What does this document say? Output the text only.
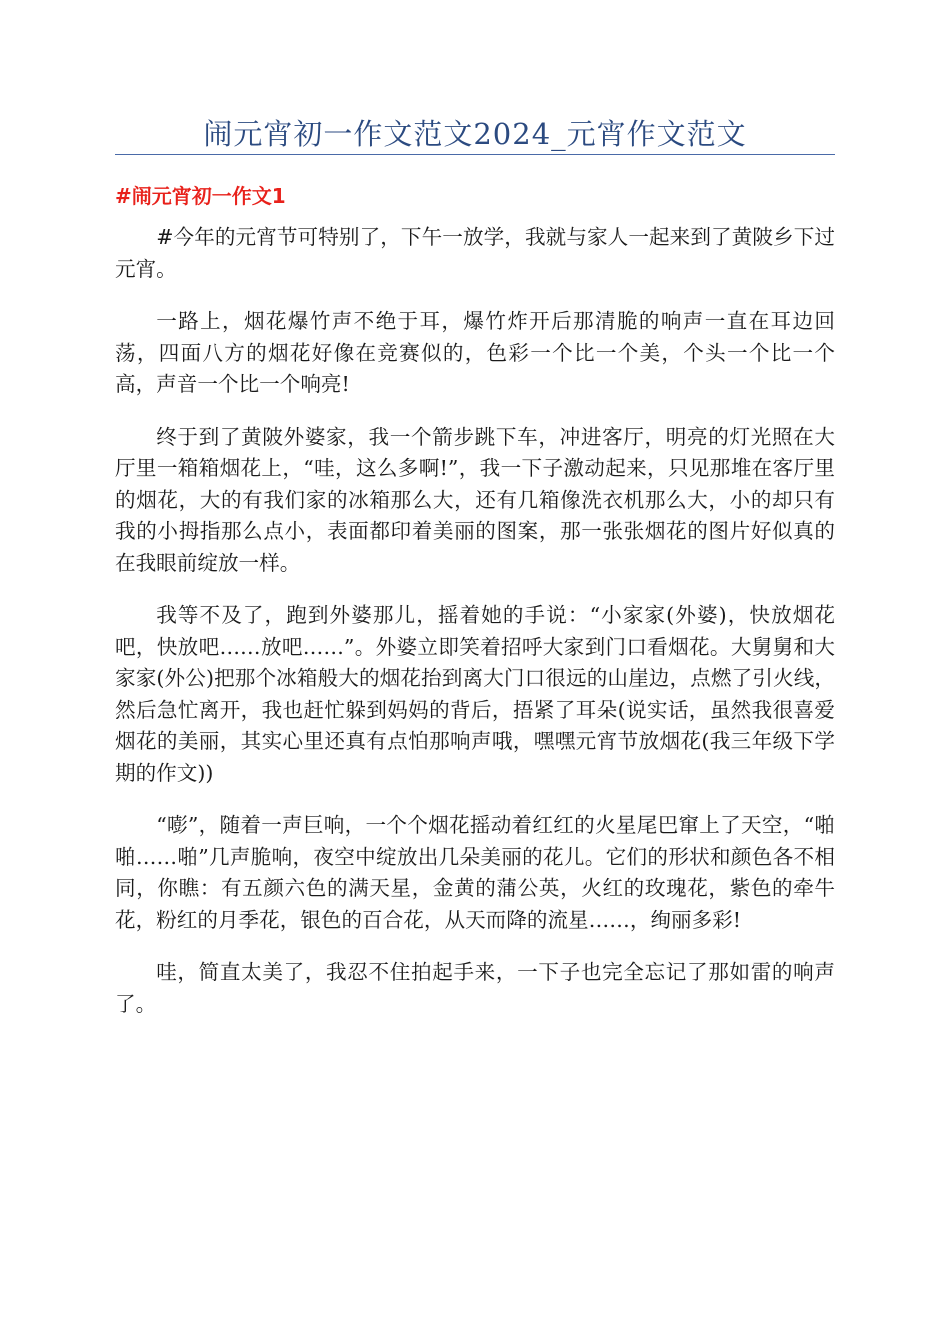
闹元宵初一作文范文2024_元宵作文范文
#闹元宵初一作文1

#今年的元宵节可特别了，下午一放学，我就与家人一起来到了黄陂乡下过元宵。

一路上，烟花爆竹声不绝于耳，爆竹炸开后那清脆的响声一直在耳边回荡，四面八方的烟花好像在竞赛似的，色彩一个比一个美，个头一个比一个高，声音一个比一个响亮!

终于到了黄陂外婆家，我一个箭步跳下车，冲进客厅，明亮的灯光照在大厅里一箱箱烟花上，“哇，这么多啊!”，我一下子激动起来，只见那堆在客厅里的烟花，大的有我们家的冰箱那么大，还有几箱像洗衣机那么大，小的却只有我的小拇指那么点小，表面都印着美丽的图案，那一张张烟花的图片好似真的在我眼前绽放一样。

我等不及了，跑到外婆那儿，摇着她的手说：“小家家(外婆)，快放烟花吧，快放吧……放吧……”。外婆立即笑着招呼大家到门口看烟花。大舅舅和大家家(外公)把那个冰箱般大的烟花抬到离大门口很远的山崖边，点燃了引火线，然后急忙离开，我也赶忙躲到妈妈的背后，捂紧了耳朵(说实话，虽然我很喜爱烟花的美丽，其实心里还真有点怕那响声哦，嘿嘿元宵节放烟花(我三年级下学期的作文))

“嘭”，随着一声巨响，一个个烟花摇动着红红的火星尾巴窜上了天空，“啪啪……啪”几声脆响，夜空中绽放出几朵美丽的花儿。它们的形状和颜色各不相同，你瞧：有五颜六色的满天星，金黄的蒲公英，火红的玫瑰花，紫色的牵牛花，粉红的月季花，银色的百合花，从天而降的流星……，绚丽多彩!

哇，简直太美了，我忍不住拍起手来，一下子也完全忘记了那如雷的响声了。
